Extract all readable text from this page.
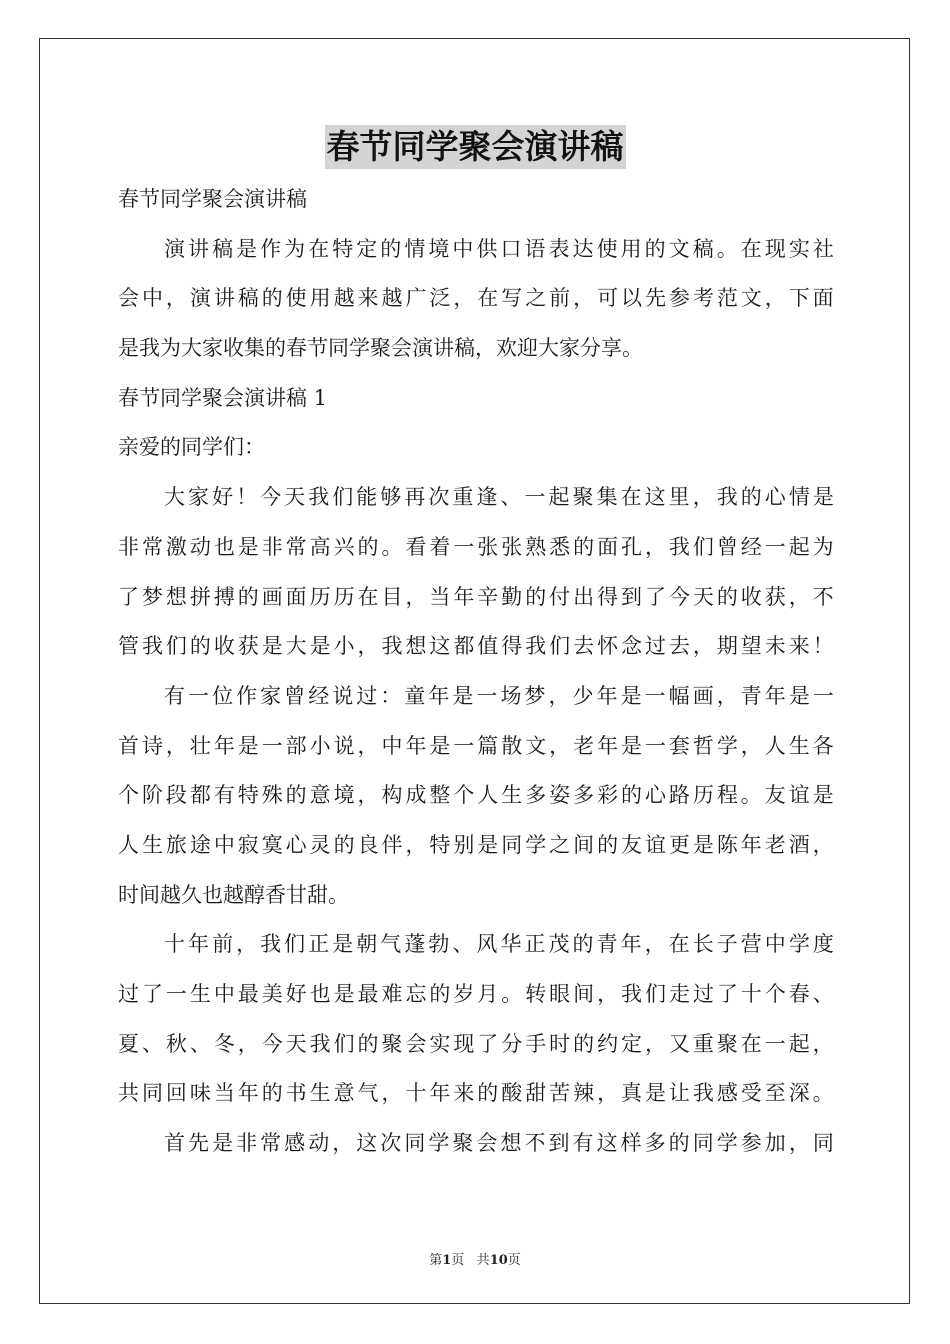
春节同学聚会演讲稿
春节同学聚会演讲稿
演 讲 稿 是 作 为 在 特 定 的 情 境 中 供 口 语 表 达 使 用 的 文 稿 。 在 现 实 社
会 中 ， 演 讲 稿 的 使 用 越 来 越 广 泛 ， 在 写 之 前 ， 可 以 先 参 考 范 文 ， 下 面
是我为大家收集的春节同学聚会演讲稿，欢迎大家分享。
春节同学聚会演讲稿 1
亲爱的同学们：
大 家 好 ！ 今 天 我 们 能 够 再 次 重 逢 、 一 起 聚 集 在 这 里 ， 我 的 心 情 是
非 常 激 动 也 是 非 常 高 兴 的 。 看 着 一 张 张 熟 悉 的 面 孔 ， 我 们 曾 经 一 起 为
了 梦 想 拼 搏 的 画 面 历 历 在 目 ， 当 年 辛 勤 的 付 出 得 到 了 今 天 的 收 获 ， 不
管 我 们 的 收 获 是 大 是 小 ， 我 想 这 都 值 得 我 们 去 怀 念 过 去 ， 期 望 未 来 ！
有 一 位 作 家 曾 经 说 过 ： 童 年 是 一 场 梦 ， 少 年 是 一 幅 画 ， 青 年 是 一
首 诗 ， 壮 年 是 一 部 小 说 ， 中 年 是 一 篇 散 文 ， 老 年 是 一 套 哲 学 ， 人 生 各
个 阶 段 都 有 特 殊 的 意 境 ， 构 成 整 个 人 生 多 姿 多 彩 的 心 路 历 程 。 友 谊 是
人 生 旅 途 中 寂 寞 心 灵 的 良 伴 ， 特 别 是 同 学 之 间 的 友 谊 更 是 陈 年 老 酒 ，
时间越久也越醇香甘甜。
十 年 前 ， 我 们 正 是 朝 气 蓬 勃 、 风 华 正 茂 的 青 年 ， 在 长 子 营 中 学 度
过 了 一 生 中 最 美 好 也 是 最 难 忘 的 岁 月 。 转 眼 间 ， 我 们 走 过 了 十 个 春 、
夏 、 秋 、 冬 ， 今 天 我 们 的 聚 会 实 现 了 分 手 时 的 约 定 ， 又 重 聚 在 一 起 ，
共 同 回 味 当 年 的 书 生 意 气 ， 十 年 来 的 酸 甜 苦 辣 ， 真 是 让 我 感 受 至 深 。
首 先 是 非 常 感 动 ， 这 次 同 学 聚 会 想 不 到 有 这 样 多 的 同 学 参 加 ， 同
第1页 共10页
